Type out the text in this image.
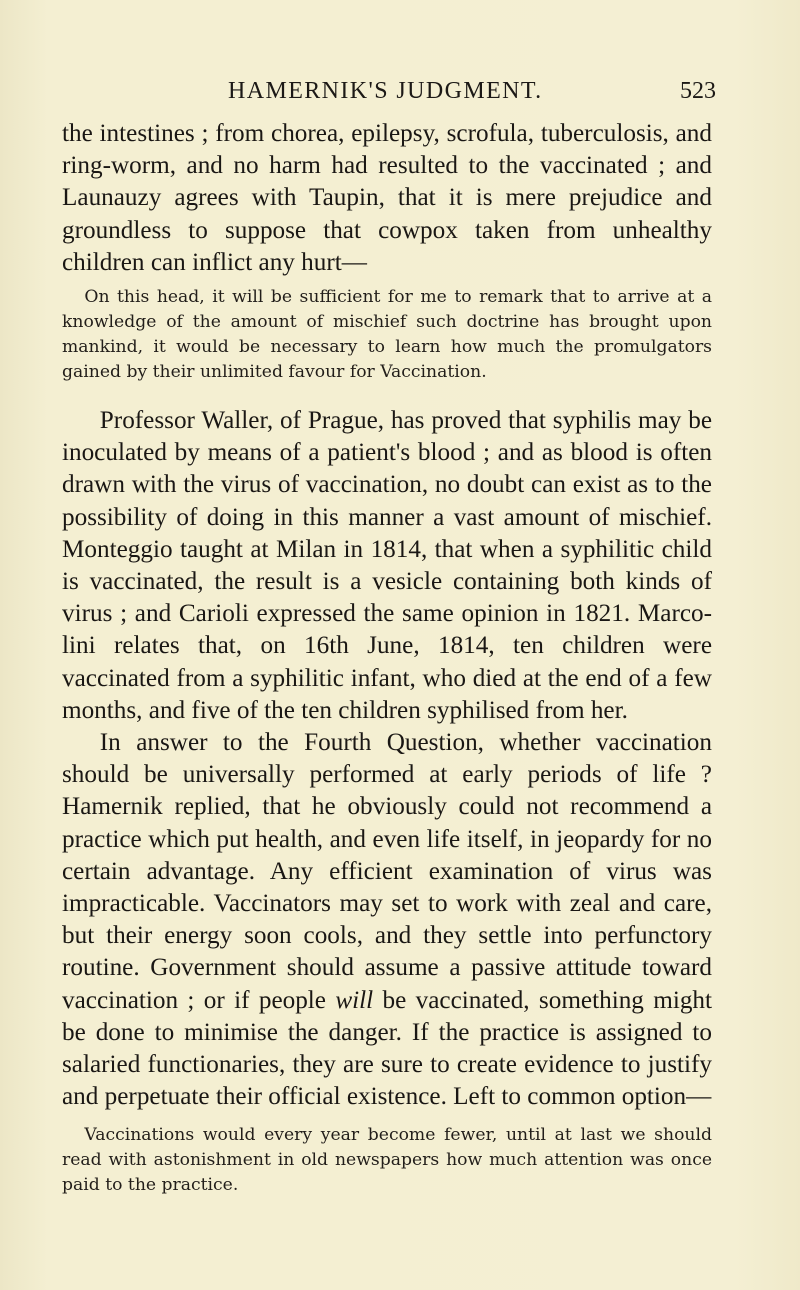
HAMERNIK'S JUDGMENT.	523

the intestines ; from chorea, epilepsy, scrofula, tuberculosis, and ring-worm, and no harm had resulted to the vaccinated ; and Launauzy agrees with Taupin, that it is mere prejudice and groundless to suppose that cowpox taken from unhealthy children can inflict any hurt—

On this head, it will be sufficient for me to remark that to arrive at a knowledge of the amount of mischief such doctrine has brought upon mankind, it would be necessary to learn how much the promulgators gained by their unlimited favour for Vaccination.

Professor Waller, of Prague, has proved that syphilis may be inoculated by means of a patient's blood ; and as blood is often drawn with the virus of vaccination, no doubt can exist as to the possibility of doing in this manner a vast amount of mischief. Monteggio taught at Milan in 1814, that when a syphilitic child is vaccinated, the result is a vesicle containing both kinds of virus ; and Carioli expressed the same opinion in 1821. Marcolini relates that, on 16th June, 1814, ten children were vaccinated from a syphilitic infant, who died at the end of a few months, and five of the ten children syphilised from her.

In answer to the Fourth Question, whether vaccination should be universally performed at early periods of life ? Hamernik replied, that he obviously could not recommend a practice which put health, and even life itself, in jeopardy for no certain advantage. Any efficient examination of virus was impracticable. Vaccinators may set to work with zeal and care, but their energy soon cools, and they settle into perfunctory routine. Government should assume a passive attitude toward vaccination ; or if people will be vaccinated, something might be done to minimise the danger. If the practice is assigned to salaried functionaries, they are sure to create evidence to justify and perpetuate their official existence. Left to common option—

Vaccinations would every year become fewer, until at last we should read with astonishment in old newspapers how much attention was once paid to the practice.
